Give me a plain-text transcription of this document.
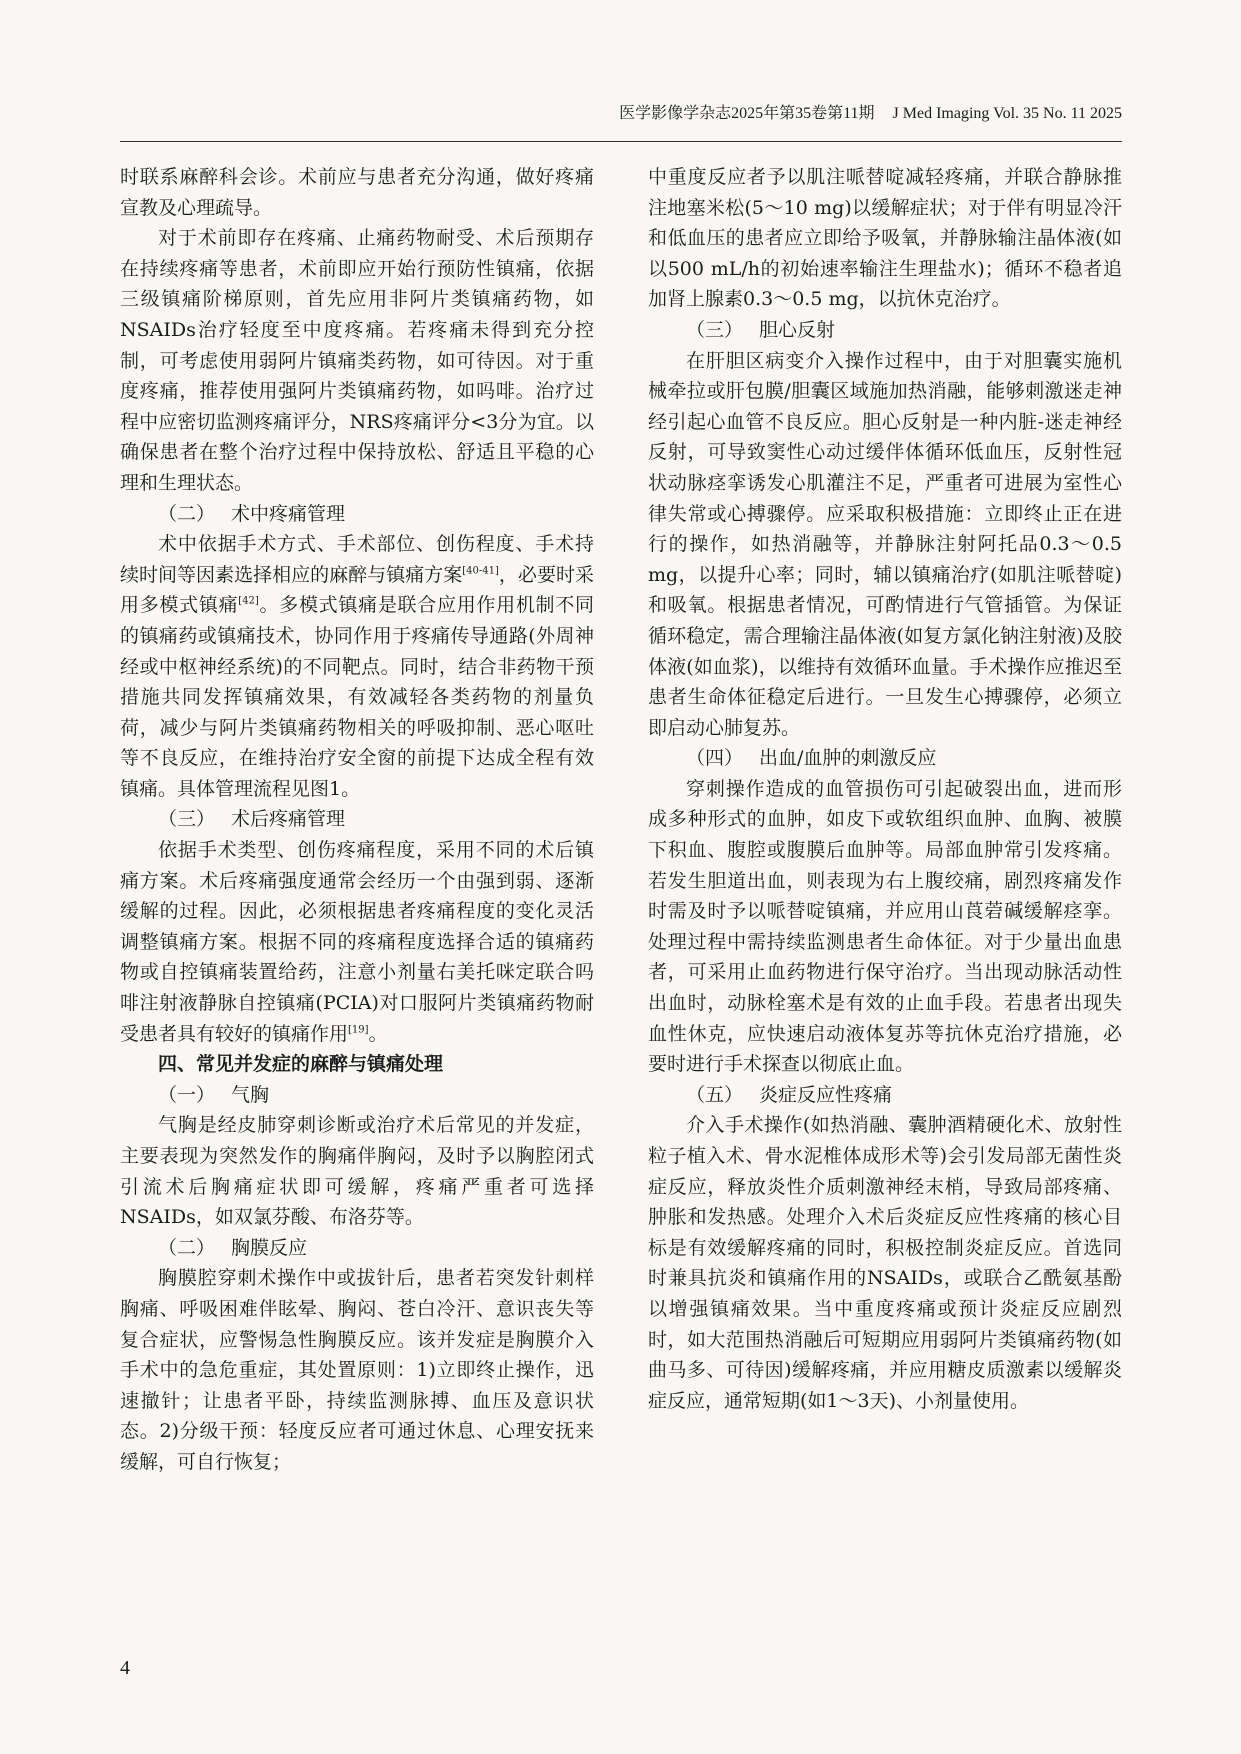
医学影像学杂志2025年第35卷第11期 J Med Imaging Vol. 35 No. 11 2025

时联系麻醉科会诊。术前应与患者充分沟通，做好疼痛宣教及心理疏导。

对于术前即存在疼痛、止痛药物耐受、术后预期存在持续疼痛等患者，术前即应开始行预防性镇痛，依据三级镇痛阶梯原则，首先应用非阿片类镇痛药物，如NSAIDs治疗轻度至中度疼痛。若疼痛未得到充分控制，可考虑使用弱阿片镇痛类药物，如可待因。对于重度疼痛，推荐使用强阿片类镇痛药物，如吗啡。治疗过程中应密切监测疼痛评分，NRS疼痛评分<3分为宜。以确保患者在整个治疗过程中保持放松、舒适且平稳的心理和生理状态。

（二） 术中疼痛管理

术中依据手术方式、手术部位、创伤程度、手术持续时间等因素选择相应的麻醉与镇痛方案[40-41]，必要时采用多模式镇痛[42]。多模式镇痛是联合应用作用机制不同的镇痛药或镇痛技术，协同作用于疼痛传导通路(外周神经或中枢神经系统)的不同靶点。同时，结合非药物干预措施共同发挥镇痛效果，有效减轻各类药物的剂量负荷，减少与阿片类镇痛药物相关的呼吸抑制、恶心呕吐等不良反应，在维持治疗安全窗的前提下达成全程有效镇痛。具体管理流程见图1。

（三） 术后疼痛管理

依据手术类型、创伤疼痛程度，采用不同的术后镇痛方案。术后疼痛强度通常会经历一个由强到弱、逐渐缓解的过程。因此，必须根据患者疼痛程度的变化灵活调整镇痛方案。根据不同的疼痛程度选择合适的镇痛药物或自控镇痛装置给药，注意小剂量右美托咪定联合吗啡注射液静脉自控镇痛(PCIA)对口服阿片类镇痛药物耐受患者具有较好的镇痛作用[19]。

四、常见并发症的麻醉与镇痛处理
（一） 气胸

气胸是经皮肺穿刺诊断或治疗术后常见的并发症，主要表现为突然发作的胸痛伴胸闷，及时予以胸腔闭式引流术后胸痛症状即可缓解，疼痛严重者可选择NSAIDs，如双氯芬酸、布洛芬等。

（二） 胸膜反应

胸膜腔穿刺术操作中或拔针后，患者若突发针刺样胸痛、呼吸困难伴眩晕、胸闷、苍白冷汗、意识丧失等复合症状，应警惕急性胸膜反应。该并发症是胸膜介入手术中的急危重症，其处置原则：1)立即终止操作，迅速撤针；让患者平卧，持续监测脉搏、血压及意识状态。2)分级干预：轻度反应者可通过休息、心理安抚来缓解，可自行恢复；

中重度反应者予以肌注哌替啶减轻疼痛，并联合静脉推注地塞米松(5～10 mg)以缓解症状；对于伴有明显冷汗和低血压的患者应立即给予吸氧，并静脉输注晶体液(如以500 mL/h的初始速率输注生理盐水)；循环不稳者追加肾上腺素0.3～0.5 mg，以抗休克治疗。

（三） 胆心反射

在肝胆区病变介入操作过程中，由于对胆囊实施机械牵拉或肝包膜/胆囊区域施加热消融，能够刺激迷走神经引起心血管不良反应。胆心反射是一种内脏-迷走神经反射，可导致窦性心动过缓伴体循环低血压，反射性冠状动脉痉挛诱发心肌灌注不足，严重者可进展为室性心律失常或心搏骤停。应采取积极措施：立即终止正在进行的操作，如热消融等，并静脉注射阿托品0.3～0.5 mg，以提升心率；同时，辅以镇痛治疗(如肌注哌替啶)和吸氧。根据患者情况，可酌情进行气管插管。为保证循环稳定，需合理输注晶体液(如复方氯化钠注射液)及胶体液(如血浆)，以维持有效循环血量。手术操作应推迟至患者生命体征稳定后进行。一旦发生心搏骤停，必须立即启动心肺复苏。

（四） 出血/血肿的刺激反应

穿刺操作造成的血管损伤可引起破裂出血，进而形成多种形式的血肿，如皮下或软组织血肿、血胸、被膜下积血、腹腔或腹膜后血肿等。局部血肿常引发疼痛。若发生胆道出血，则表现为右上腹绞痛，剧烈疼痛发作时需及时予以哌替啶镇痛，并应用山莨菪碱缓解痉挛。处理过程中需持续监测患者生命体征。对于少量出血患者，可采用止血药物进行保守治疗。当出现动脉活动性出血时，动脉栓塞术是有效的止血手段。若患者出现失血性休克，应快速启动液体复苏等抗休克治疗措施，必要时进行手术探查以彻底止血。

（五） 炎症反应性疼痛

介入手术操作(如热消融、囊肿酒精硬化术、放射性粒子植入术、骨水泥椎体成形术等)会引发局部无菌性炎症反应，释放炎性介质刺激神经末梢，导致局部疼痛、肿胀和发热感。处理介入术后炎症反应性疼痛的核心目标是有效缓解疼痛的同时，积极控制炎症反应。首选同时兼具抗炎和镇痛作用的NSAIDs，或联合乙酰氨基酚以增强镇痛效果。当中重度疼痛或预计炎症反应剧烈时，如大范围热消融后可短期应用弱阿片类镇痛药物(如曲马多、可待因)缓解疼痛，并应用糖皮质激素以缓解炎症反应，通常短期(如1～3天)、小剂量使用。

4
